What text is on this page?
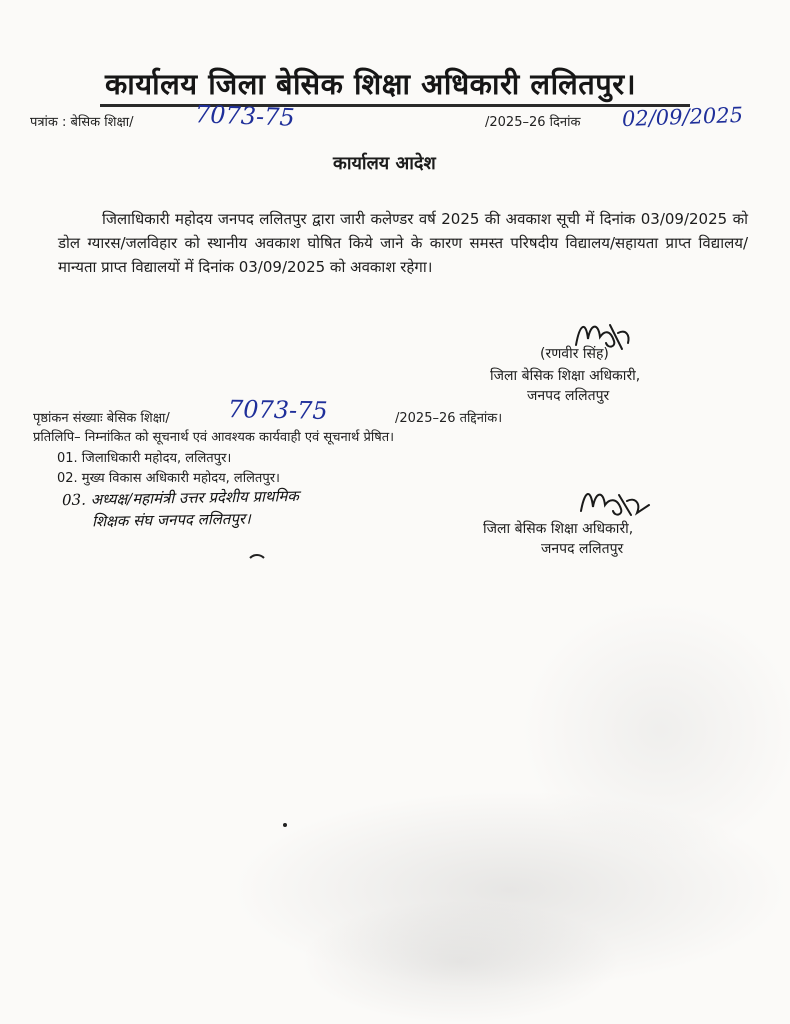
कार्यालय जिला बेसिक शिक्षा अधिकारी ललितपुर।
पत्रांक : बेसिक शिक्षा/	7073-75	/2025–26 दिनांक 02/09/2025
कार्यालय आदेश
जिलाधिकारी महोदय जनपद ललितपुर द्वारा जारी कलेण्डर वर्ष 2025 की अवकाश सूची में दिनांक 03/09/2025 को डोल ग्यारस/जलविहार को स्थानीय अवकाश घोषित किये जाने के कारण समस्त परिषदीय विद्यालय/सहायता प्राप्त विद्यालय/मान्यता प्राप्त विद्यालयों में दिनांक 03/09/2025 को अवकाश रहेगा।
(रणवीर सिंह)
जिला बेसिक शिक्षा अधिकारी,
जनपद ललितपुर
पृष्ठांकन संख्याः बेसिक शिक्षा/ 7073-75	/2025–26 तद्दिनांक।
प्रतिलिपि– निम्नांकित को सूचनार्थ एवं आवश्यक कार्यवाही एवं सूचनार्थ प्रेषित।
01. जिलाधिकारी महोदय, ललितपुर।
02. मुख्य विकास अधिकारी महोदय, ललितपुर।
03. अध्यक्ष/महामंत्री उत्तर प्रदेशीय प्राथमिक
शिक्षक संघ जनपद ललितपुर।	जिला बेसिक शिक्षा अधिकारी,
जनपद ललितपुर
